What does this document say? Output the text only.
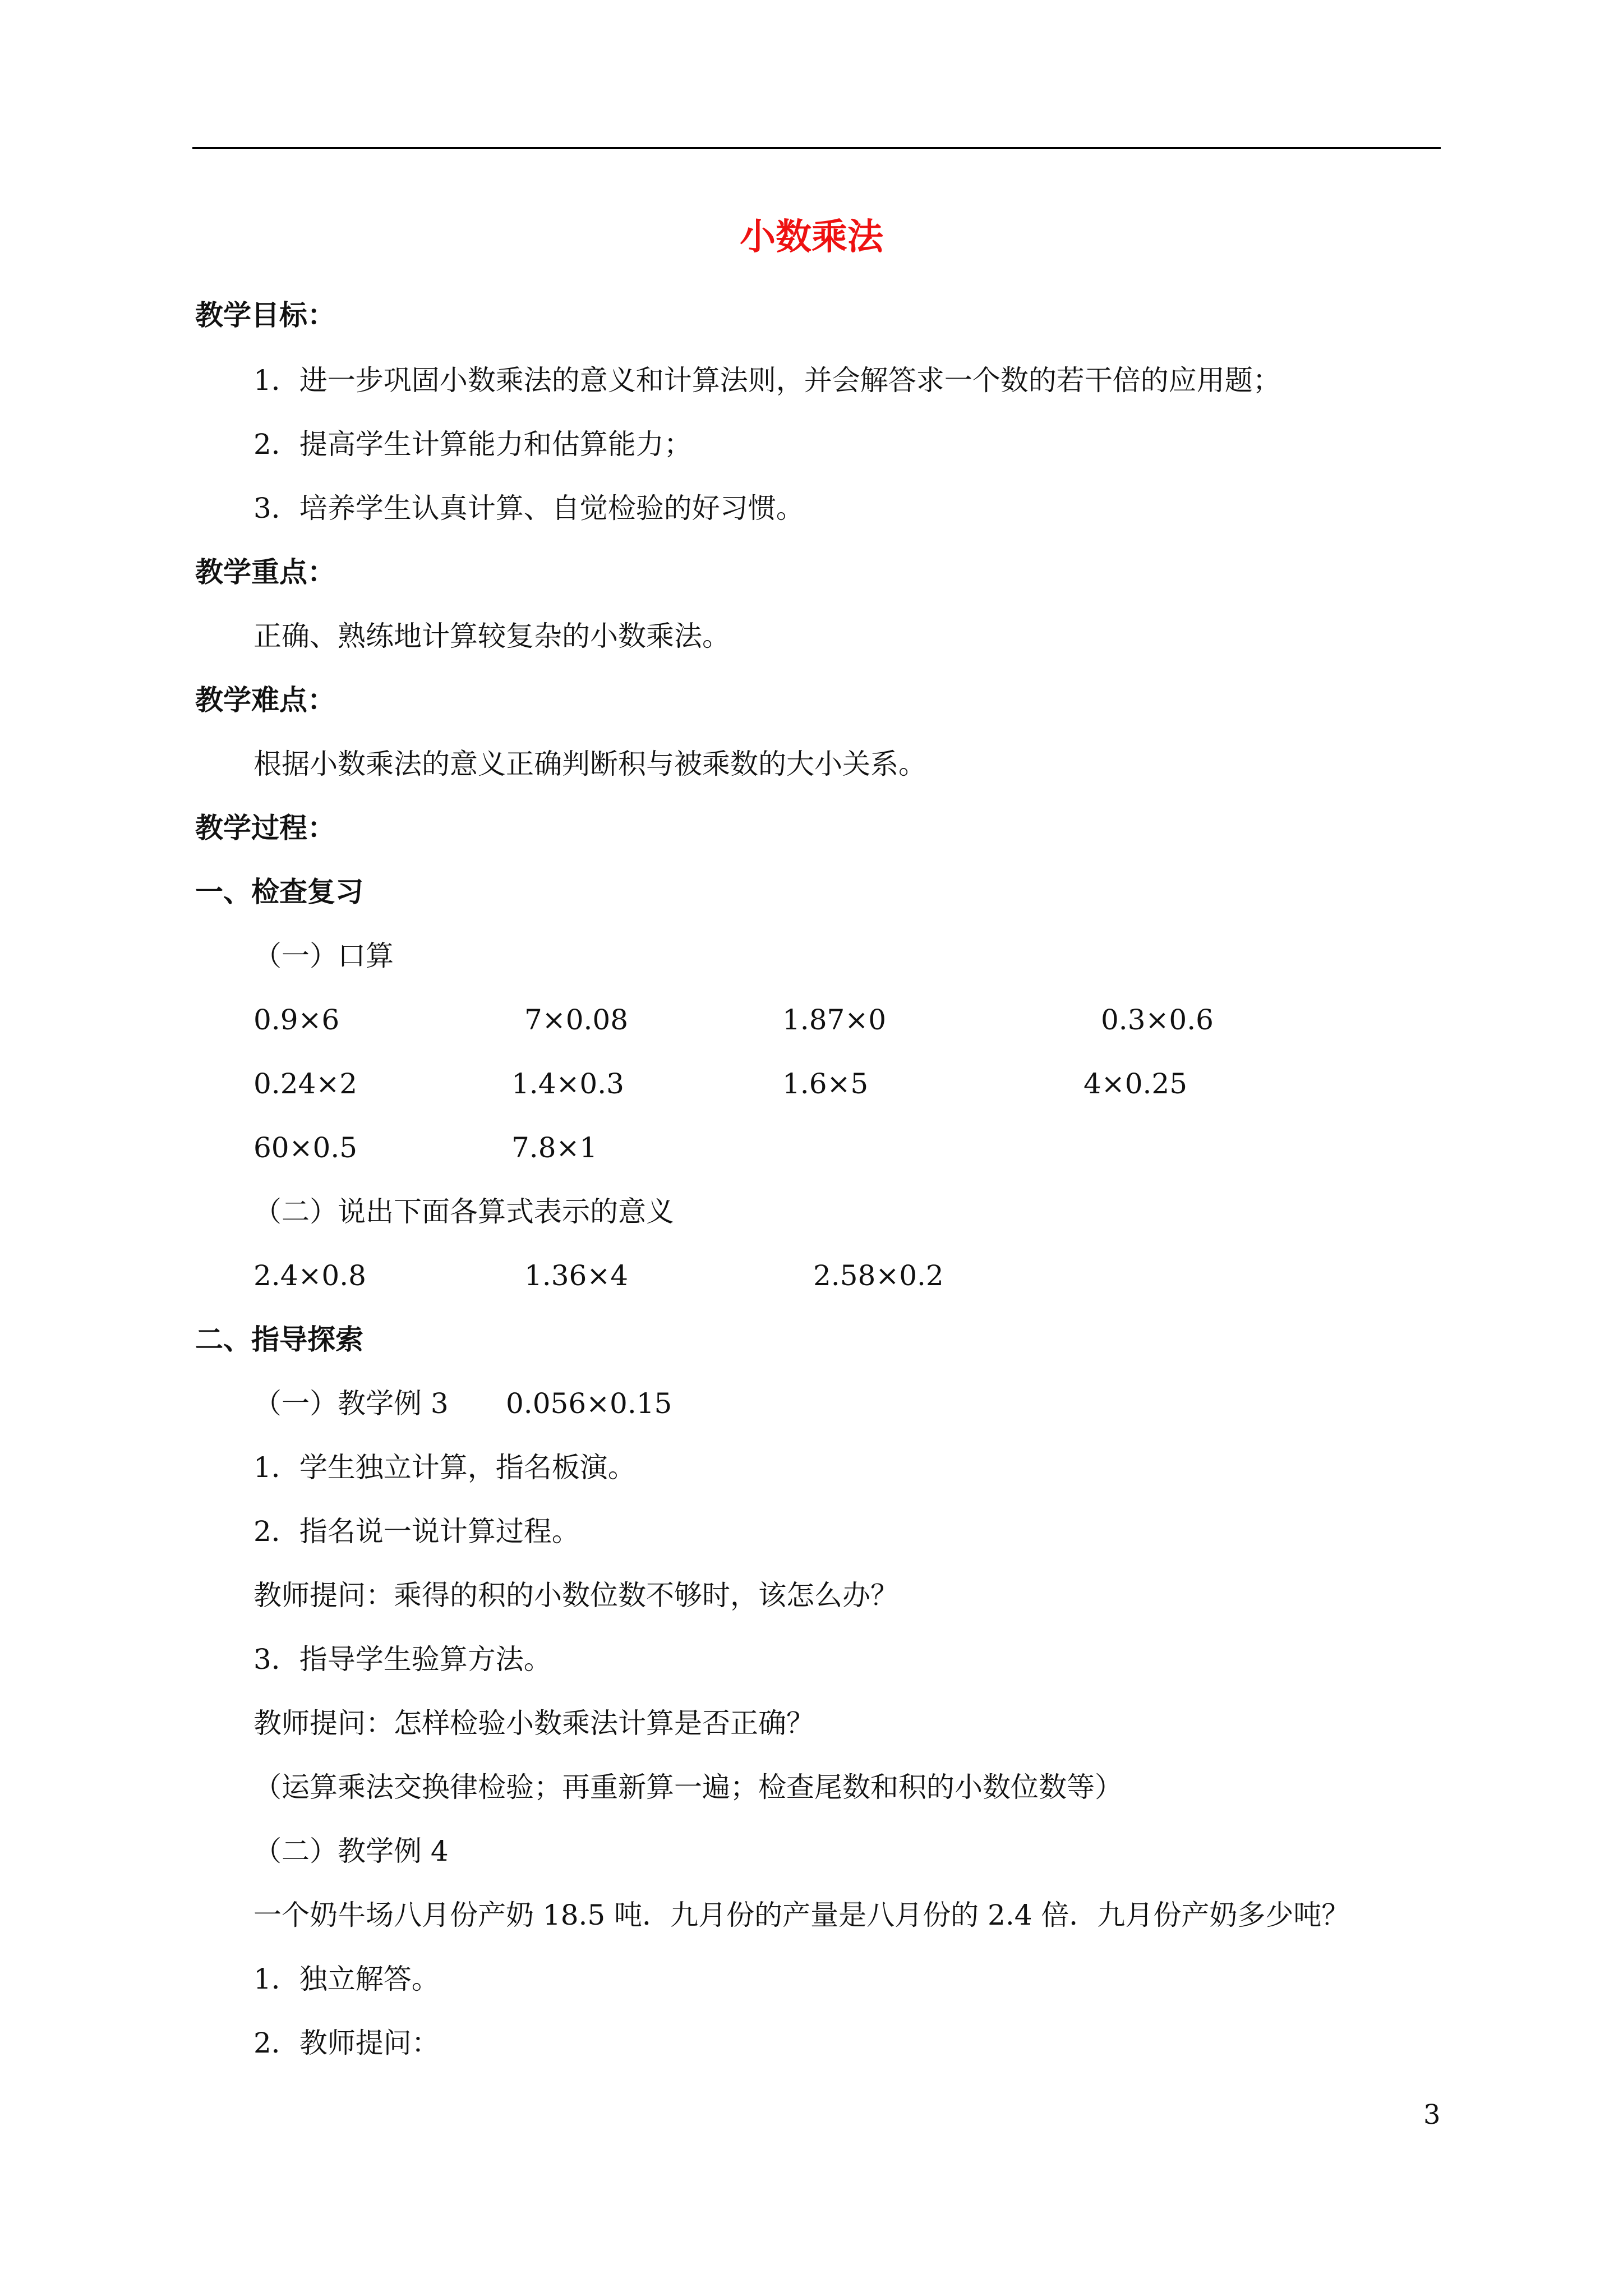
小数乘法
教学目标：
1．进一步巩固小数乘法的意义和计算法则，并会解答求一个数的若干倍的应用题；
2．提高学生计算能力和估算能力；
3．培养学生认真计算、自觉检验的好习惯。
教学重点：
正确、熟练地计算较复杂的小数乘法。
教学难点：
根据小数乘法的意义正确判断积与被乘数的大小关系。
教学过程：
一、检查复习
（一）口算
0.9×6	7×0.08	1.87×0	0.3×0.6
0.24×2	1.4×0.3	1.6×5	4×0.25
60×0.5	7.8×1
（二）说出下面各算式表示的意义
2.4×0.8	1.36×4	2.58×0.2
二、指导探索
（一）教学例 3 0.056×0.15
1．学生独立计算，指名板演。
2．指名说一说计算过程。
教师提问：乘得的积的小数位数不够时，该怎么办？
3．指导学生验算方法。
教师提问：怎样检验小数乘法计算是否正确？
（运算乘法交换律检验；再重新算一遍；检查尾数和积的小数位数等）
（二）教学例 4
一个奶牛场八月份产奶 18.5 吨．九月份的产量是八月份的 2.4 倍．九月份产奶多少吨？
1．独立解答。
2．教师提问：
3
